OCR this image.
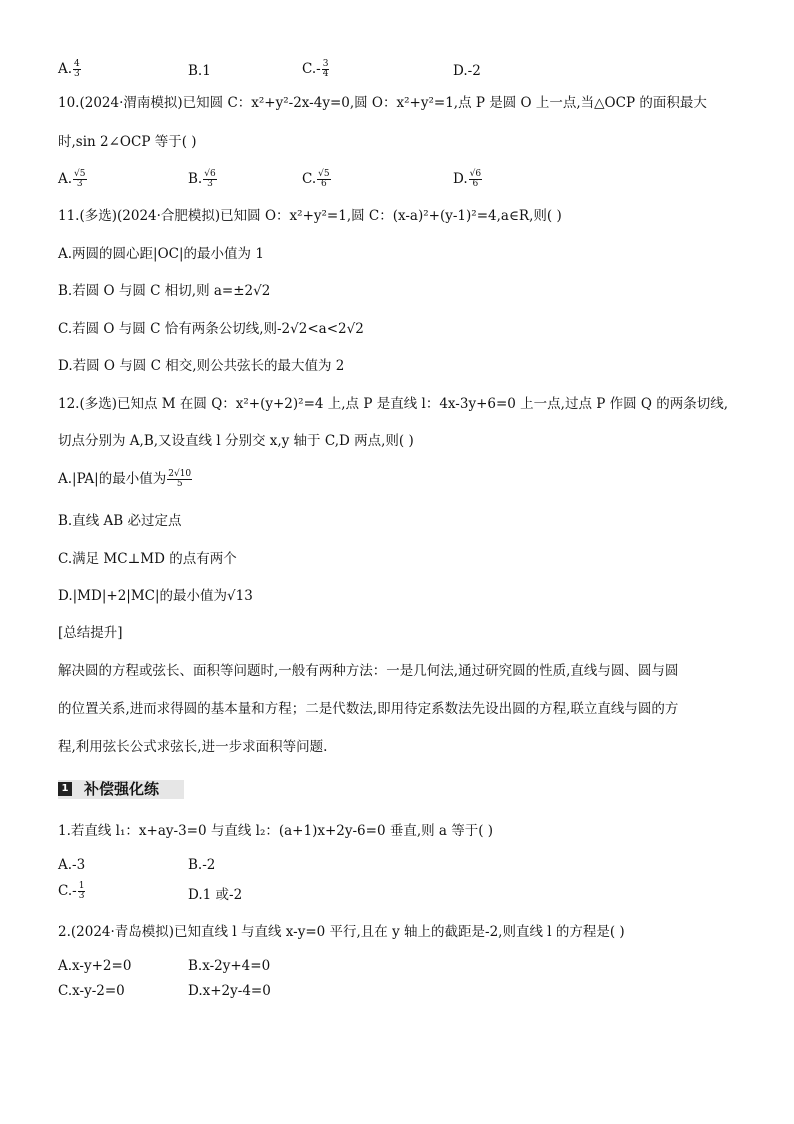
A. $\frac{4}{3}$	B.1	$C.- \frac{3}{4}$	D.-2
10.(2024·渭南模拟)已知圆 C：x²+y²-2x-4y=0,圆 O：x²+y²=1,点 P 是圆 O 上一点,当△OCP 的面积最大
时,sin 2∠OCP 等于( )
A. $\frac{√5}{3}$	B. $\frac{√6}{3}$	C. $\frac{√5}{6}$	D. $\frac{√6}{6}$
11.(多选)(2024·合肥模拟)已知圆 O：x²+y²=1,圆 C：(x-a)²+(y-1)²=4,a∈R,则( )
A.两圆的圆心距|OC|的最小值为 1
B.若圆 O 与圆 C 相切,则 a=±2√2
C.若圆 O 与圆 C 恰有两条公切线,则-2√2<a<2√2
D.若圆 O 与圆 C 相交,则公共弦长的最大值为 2
12.(多选)已知点 M 在圆 Q：x²+(y+2)²=4 上,点 P 是直线 l：4x-3y+6=0 上一点,过点 P 作圆 Q 的两条切线,
切点分别为 A,B,又设直线 l 分别交 x,y 轴于 C,D 两点,则( )
A.|PA|的最小值为 $\frac{2√10}{5}$
B.直线 AB 必过定点
C.满足 MC⊥MD 的点有两个
D.|MD|+2|MC|的最小值为√13
[总结提升]
解决圆的方程或弦长、面积等问题时,一般有两种方法：一是几何法,通过研究圆的性质,直线与圆、圆与圆
的位置关系,进而求得圆的基本量和方程；二是代数法,即用待定系数法先设出圆的方程,联立直线与圆的方
程,利用弦长公式求弦长,进一步求面积等问题.
1 补偿强化练
1.若直线 l₁：x+ay-3=0 与直线 l₂：(a+1)x+2y-6=0 垂直,则 a 等于( )
A.-3	B.-2
$C.- \frac{1}{3}$	D.1 或-2
2.(2024·青岛模拟)已知直线 l 与直线 x-y=0 平行,且在 y 轴上的截距是-2,则直线 l 的方程是( )
A.x-y+2=0	B.x-2y+4=0
C.x-y-2=0	D.x+2y-4=0
